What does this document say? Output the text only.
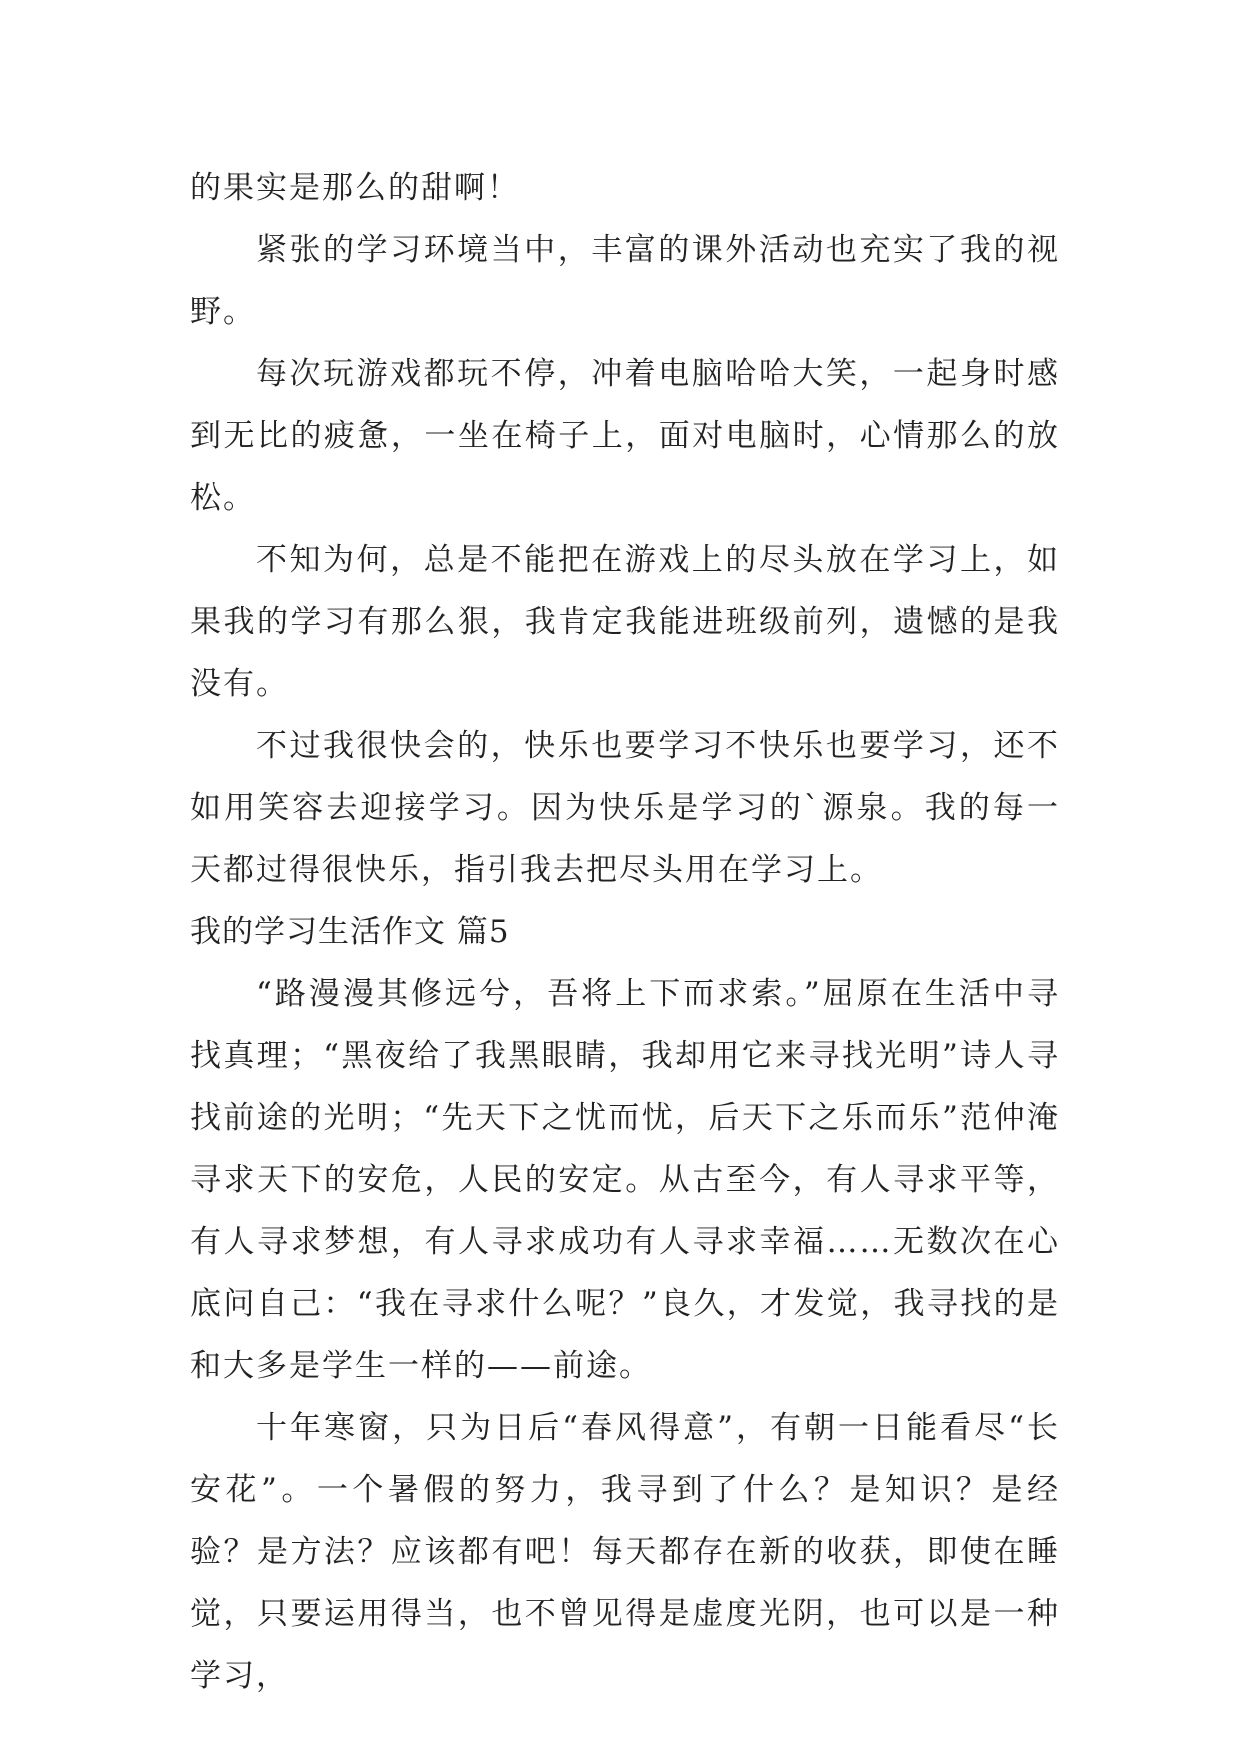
的果实是那么的甜啊！

紧张的学习环境当中，丰富的课外活动也充实了我的视野。

每次玩游戏都玩不停，冲着电脑哈哈大笑，一起身时感到无比的疲惫，一坐在椅子上，面对电脑时，心情那么的放松。

不知为何，总是不能把在游戏上的尽头放在学习上，如果我的学习有那么狠，我肯定我能进班级前列，遗憾的是我没有。

不过我很快会的，快乐也要学习不快乐也要学习，还不如用笑容去迎接学习。因为快乐是学习的`源泉。我的每一天都过得很快乐，指引我去把尽头用在学习上。

我的学习生活作文 篇5

“路漫漫其修远兮，吾将上下而求索。”屈原在生活中寻找真理；“黑夜给了我黑眼睛，我却用它来寻找光明”诗人寻找前途的光明；“先天下之忧而忧，后天下之乐而乐”范仲淹寻求天下的安危，人民的安定。从古至今，有人寻求平等，有人寻求梦想，有人寻求成功有人寻求幸福……无数次在心底问自己：“我在寻求什么呢？”良久，才发觉，我寻找的是和大多是学生一样的——前途。

十年寒窗，只为日后“春风得意”，有朝一日能看尽“长安花”。一个暑假的努力，我寻到了什么？是知识？是经验？是方法？应该都有吧！每天都存在新的收获，即使在睡觉，只要运用得当，也不曾见得是虚度光阴，也可以是一种学习，
